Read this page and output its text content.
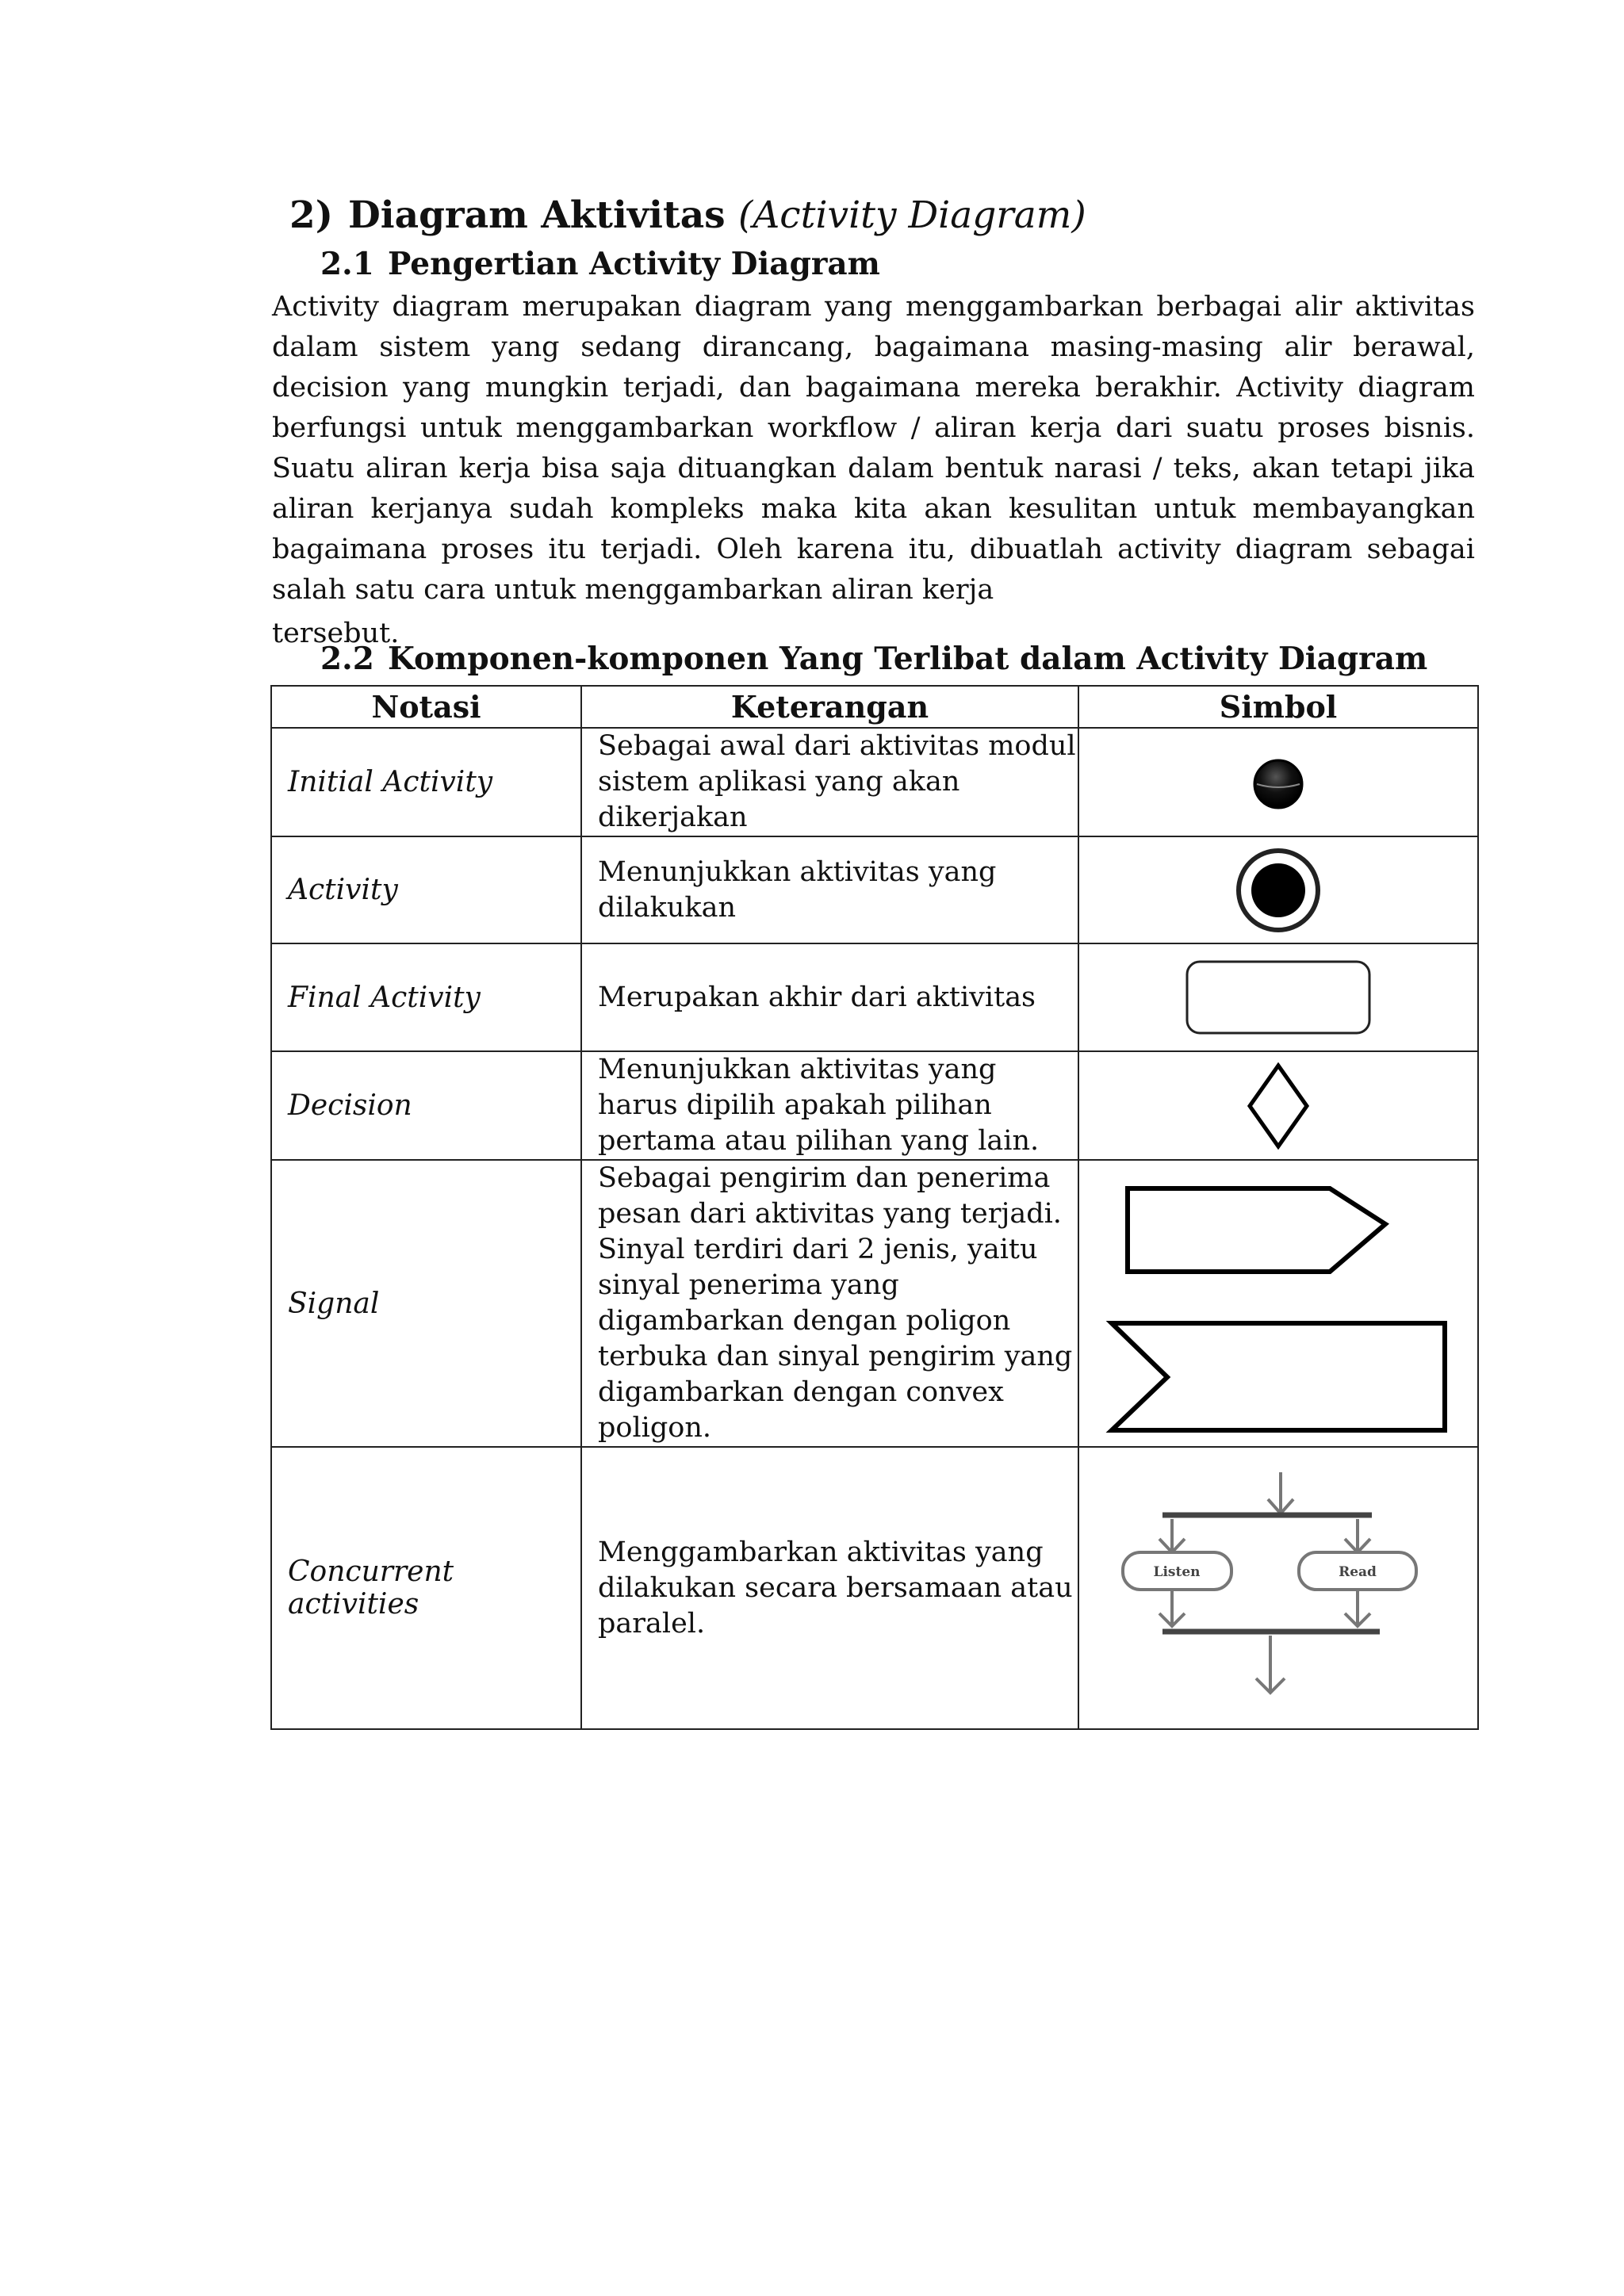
2) Diagram Aktivitas (Activity Diagram)
2.1 Pengertian Activity Diagram

Activity diagram merupakan diagram yang menggambarkan berbagai alir aktivitas dalam sistem yang sedang dirancang, bagaimana masing-masing alir berawal, decision yang mungkin terjadi, dan bagaimana mereka berakhir. Activity diagram berfungsi untuk menggambarkan workflow / aliran kerja dari suatu proses bisnis. Suatu aliran kerja bisa saja dituangkan dalam bentuk narasi / teks, akan tetapi jika aliran kerjanya sudah kompleks maka kita akan kesulitan untuk membayangkan bagaimana proses itu terjadi. Oleh karena itu, dibuatlah activity diagram sebagai salah satu cara untuk menggambarkan aliran kerja
tersebut.

2.2 Komponen-komponen Yang Terlibat dalam Activity Diagram
Notasi	Keterangan	Simbol
Initial Activity	Sebagai awal dari aktivitas modul sistem aplikasi yang akan dikerjakan	

Activity	Menunjukkan aktivitas yang dilakukan	

Final Activity	Merupakan akhir dari aktivitas	

Decision	Menunjukkan aktivitas yang harus dipilih apakah pilihan pertama atau pilihan yang lain.	

Signal	Sebagai pengirim dan penerima pesan dari aktivitas yang terjadi. Sinyal terdiri dari 2 jenis, yaitu sinyal penerima yang digambarkan dengan poligon terbuka dan sinyal pengirim yang digambarkan dengan convex poligon.	

Concurrent activities	Menggambarkan aktivitas yang dilakukan secara bersamaan atau paralel.	Listen Read
